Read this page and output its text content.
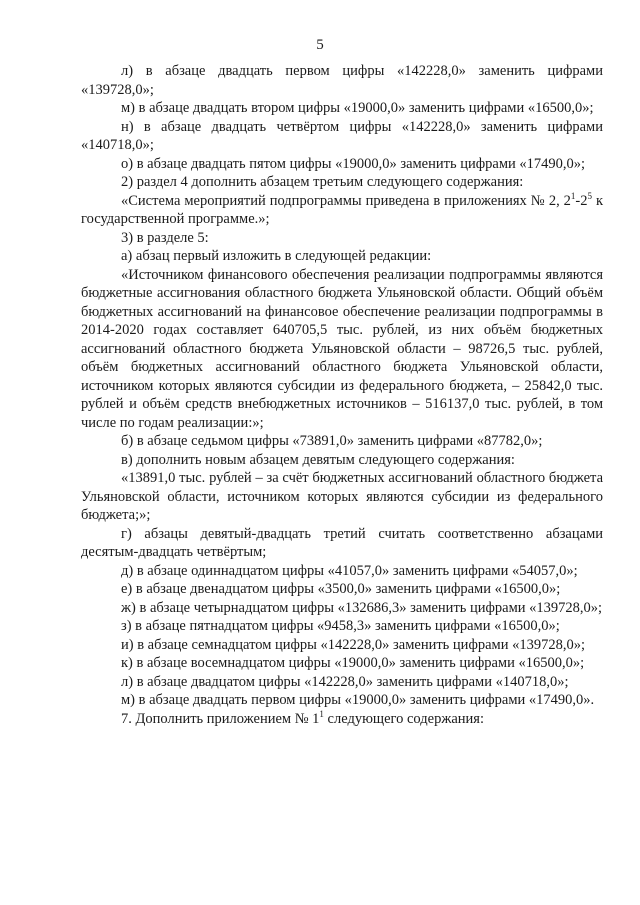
5

л) в абзаце двадцать первом цифры «142228,0» заменить цифрами «139728,0»;

м) в абзаце двадцать втором цифры «19000,0» заменить цифрами «16500,0»;

н) в абзаце двадцать четвёртом цифры «142228,0» заменить цифрами «140718,0»;

о) в абзаце двадцать пятом цифры «19000,0» заменить цифрами «17490,0»;

2) раздел 4 дополнить абзацем третьим следующего содержания:

«Система мероприятий подпрограммы приведена в приложениях № 2, $2^1-2^5$ к государственной программе.»;

3) в разделе 5:

а) абзац первый изложить в следующей редакции:

«Источником финансового обеспечения реализации подпрограммы являются бюджетные ассигнования областного бюджета Ульяновской области. Общий объём бюджетных ассигнований на финансовое обеспечение реализации подпрограммы в 2014-2020 годах составляет 640705,5 тыс. рублей, из них объём бюджетных ассигнований областного бюджета Ульяновской области – 98726,5 тыс. рублей, объём бюджетных ассигнований областного бюджета Ульяновской области, источником которых являются субсидии из федерального бюджета, – 25842,0 тыс. рублей и объём средств внебюджетных источников – 516137,0 тыс. рублей, в том числе по годам реализации:»;

б) в абзаце седьмом цифры «73891,0» заменить цифрами «87782,0»;

в) дополнить новым абзацем девятым следующего содержания:

«13891,0 тыс. рублей – за счёт бюджетных ассигнований областного бюджета Ульяновской области, источником которых являются субсидии из федерального бюджета;»;

г) абзацы девятый-двадцать третий считать соответственно абзацами десятым-двадцать четвёртым;

д) в абзаце одиннадцатом цифры «41057,0» заменить цифрами «54057,0»;

е) в абзаце двенадцатом цифры «3500,0» заменить цифрами «16500,0»;

ж) в абзаце четырнадцатом цифры «132686,3» заменить цифрами «139728,0»;

з) в абзаце пятнадцатом цифры «9458,3» заменить цифрами «16500,0»;

и) в абзаце семнадцатом цифры «142228,0» заменить цифрами «139728,0»;

к) в абзаце восемнадцатом цифры «19000,0» заменить цифрами «16500,0»;

л) в абзаце двадцатом цифры «142228,0» заменить цифрами «140718,0»;

м) в абзаце двадцать первом цифры «19000,0» заменить цифрами «17490,0».

7. Дополнить приложением № $1^1$ следующего содержания:
